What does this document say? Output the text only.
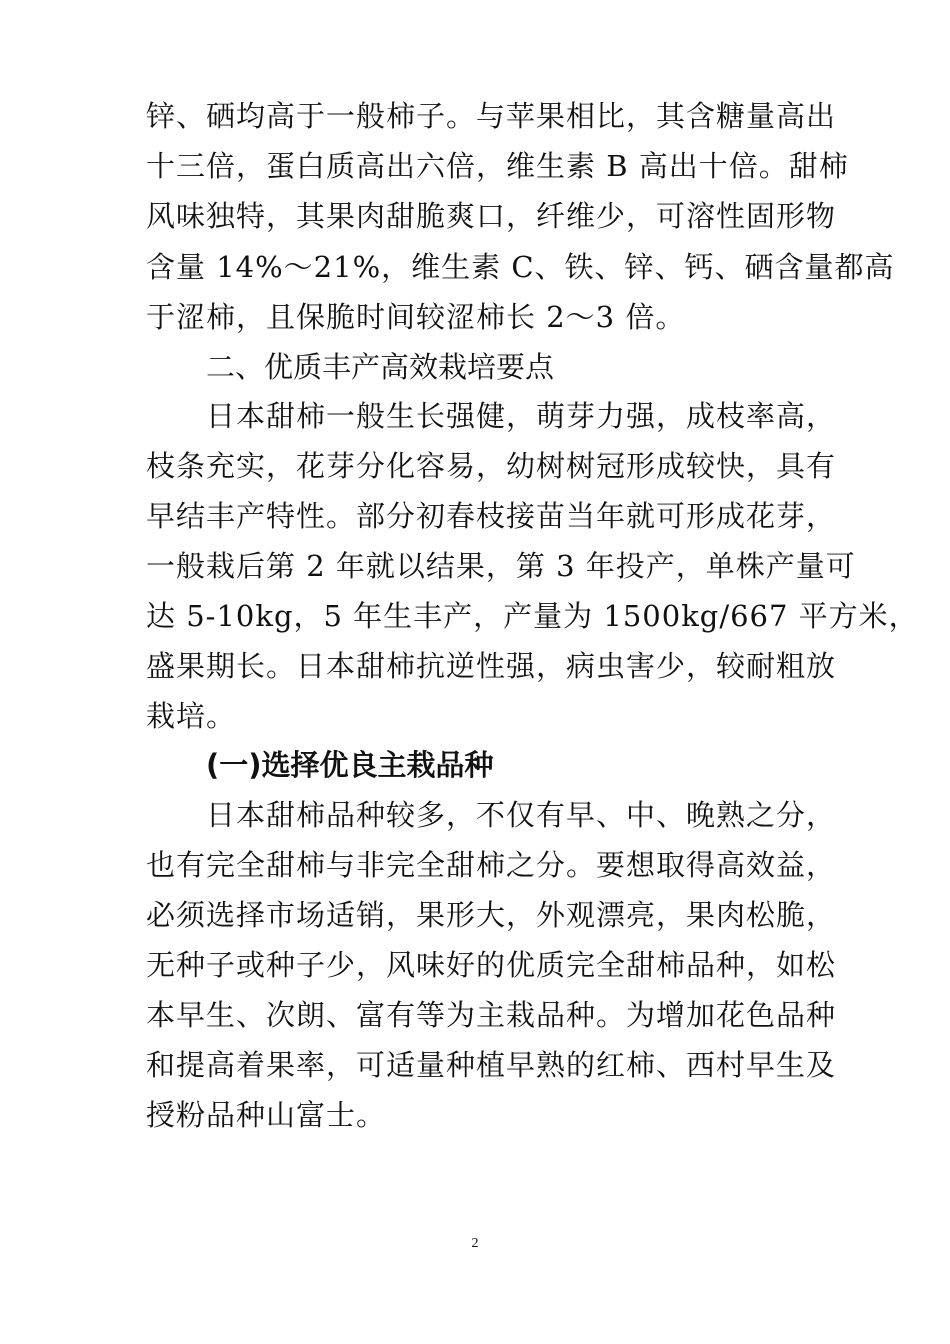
锌、硒均高于一般柿子。与苹果相比，其含糖量高出
十三倍，蛋白质高出六倍，维生素 B 高出十倍。甜柿
风味独特，其果肉甜脆爽口，纤维少，可溶性固形物
含量 14%～21%，维生素 C、铁、锌、钙、硒含量都高
于涩柿，且保脆时间较涩柿长 2～3 倍。
二、优质丰产高效栽培要点
日本甜柿一般生长强健，萌芽力强，成枝率高，
枝条充实，花芽分化容易，幼树树冠形成较快，具有
早结丰产特性。部分初春枝接苗当年就可形成花芽，
一般栽后第 2 年就以结果，第 3 年投产，单株产量可
达 5-10kg，5 年生丰产，产量为 1500kg/667 平方米，
盛果期长。日本甜柿抗逆性强，病虫害少，较耐粗放
栽培。
(一)选择优良主栽品种
日本甜柿品种较多，不仅有早、中、晚熟之分，
也有完全甜柿与非完全甜柿之分。要想取得高效益，
必须选择市场适销，果形大，外观漂亮，果肉松脆，
无种子或种子少，风味好的优质完全甜柿品种，如松
本早生、次朗、富有等为主栽品种。为增加花色品种
和提高着果率，可适量种植早熟的红柿、西村早生及
授粉品种山富士。
2
